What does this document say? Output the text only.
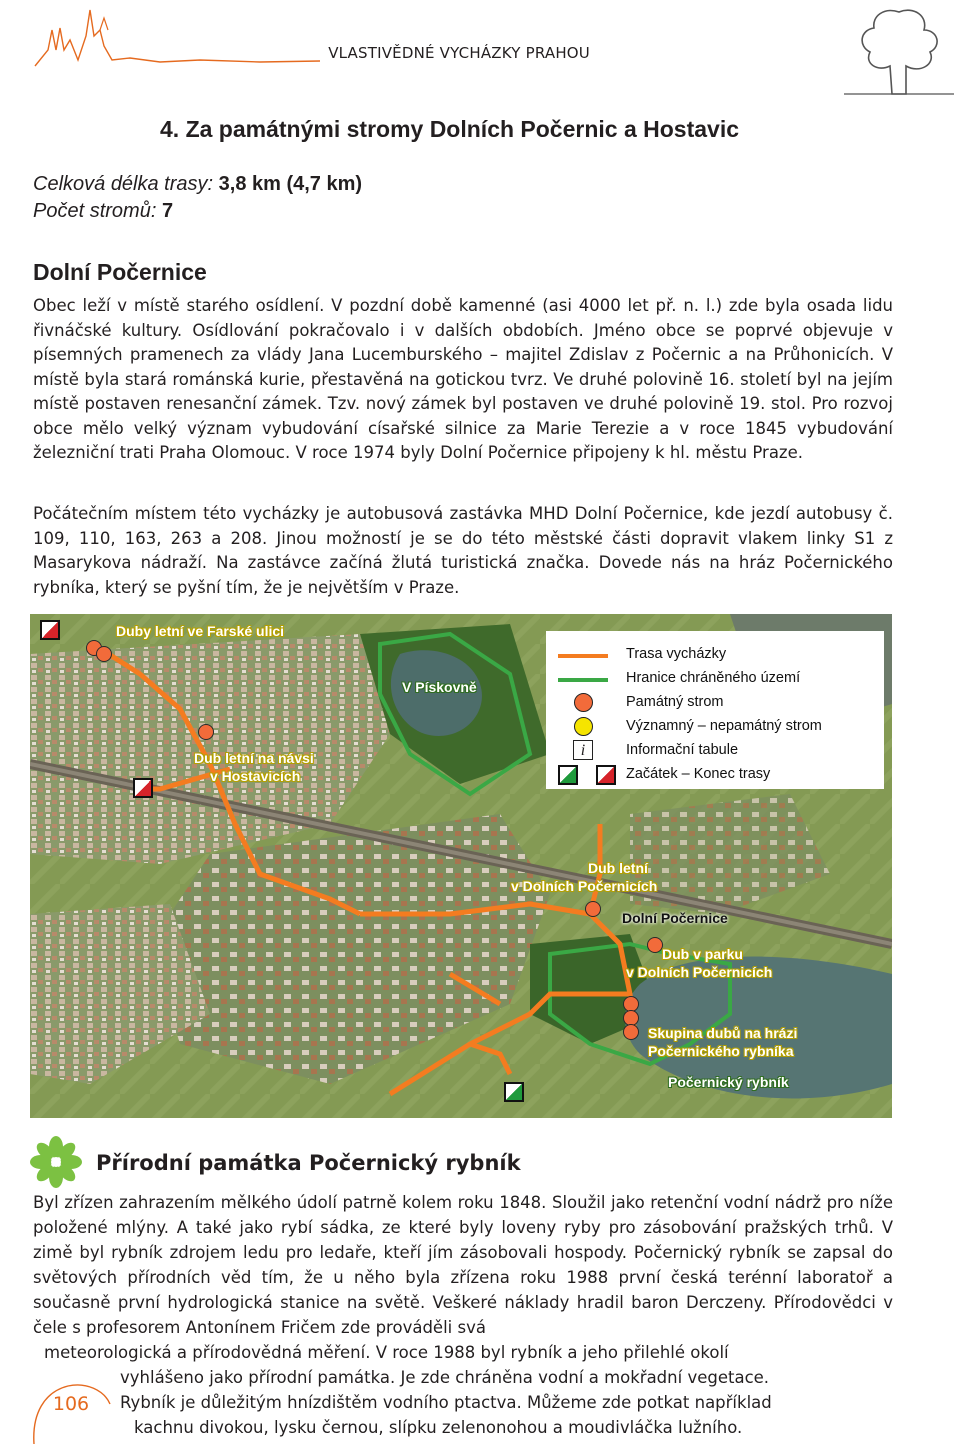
VLASTIVĚDNÉ VYCHÁZKY PRAHOU
4. Za památnými stromy Dolních Počernic a Hostavic
Celková délka trasy: 3,8 km (4,7 km)
Počet stromů: 7
Dolní Počernice

Obec leží v místě starého osídlení. V pozdní době kamenné (asi 4000 let př. n. l.) zde byla osada lidu řivnáčské kultury. Osídlování pokračovalo i v dalších obdobích. Jméno obce se poprvé objevuje v písemných pramenech za vlády Jana Lucemburského – majitel Zdislav z Počernic a na Průhonicích. V místě byla stará románská kurie, přestavěná na gotickou tvrz. Ve druhé polovině 16. století byl na jejím místě postaven renesanční zámek. Tzv. nový zámek byl postaven ve druhé polovině 19. stol. Pro rozvoj obce mělo velký význam vybudování císařské silnice za Marie Terezie a v roce 1845 vybudování železniční trati Praha Olomouc. V roce 1974 byly Dolní Počernice připojeny k hl. městu Praze.

Počátečním místem této vycházky je autobusová zastávka MHD Dolní Počernice, kde jezdí autobusy č. 109, 110, 163, 263 a 208. Jinou možností je se do této městské části dopravit vlakem linky S1 z Masarykova nádraží. Na zastávce začíná žlutá turistická značka. Dovede nás na hráz Počernického rybníka, který se pyšní tím, že je největším v Praze.

Duby letní ve Farské ulici
V Pískovně
Dub letní na návsi
v Hostavicích
Dub letní
v Dolních Počernicích
Dolní Počernice
Dub v parku
v Dolních Počernicích
Skupina dubů na hrázi
Počernického rybníka
Počernický rybník
Trasa vycházky
Hranice chráněného území
Památný strom
Významný – nepamátný strom
i	Informační tabule
Začátek – Konec trasy
Přírodní památka Počernický rybník

Byl zřízen zahrazením mělkého údolí patrně kolem roku 1848. Sloužil jako retenční vodní nádrž pro níže položené mlýny. A také jako rybí sádka, ze které byly loveny ryby pro zásobování pražských trhů. V zimě byl rybník zdrojem ledu pro ledaře, kteří jím zásobovali hospody. Počernický rybník se zapsal do světových přírodních věd tím, že u něho byla zřízena roku 1988 první česká terénní laboratoř a současně první hydrologická stanice na světě. Veškeré náklady hradil baron Derczeny. Přírodovědci v čele s profesorem Antonínem Fričem zde prováděli svá

meteorologická a přírodovědná měření. V roce 1988 byl rybník a jeho přilehlé okolí

vyhlášeno jako přírodní památka. Je zde chráněna vodní a mokřadní vegetace.

Rybník je důležitým hnízdištěm vodního ptactva. Můžeme zde potkat například

kachnu divokou, lysku černou, slípku zelenonohou a moudivláčka lužního.

106
